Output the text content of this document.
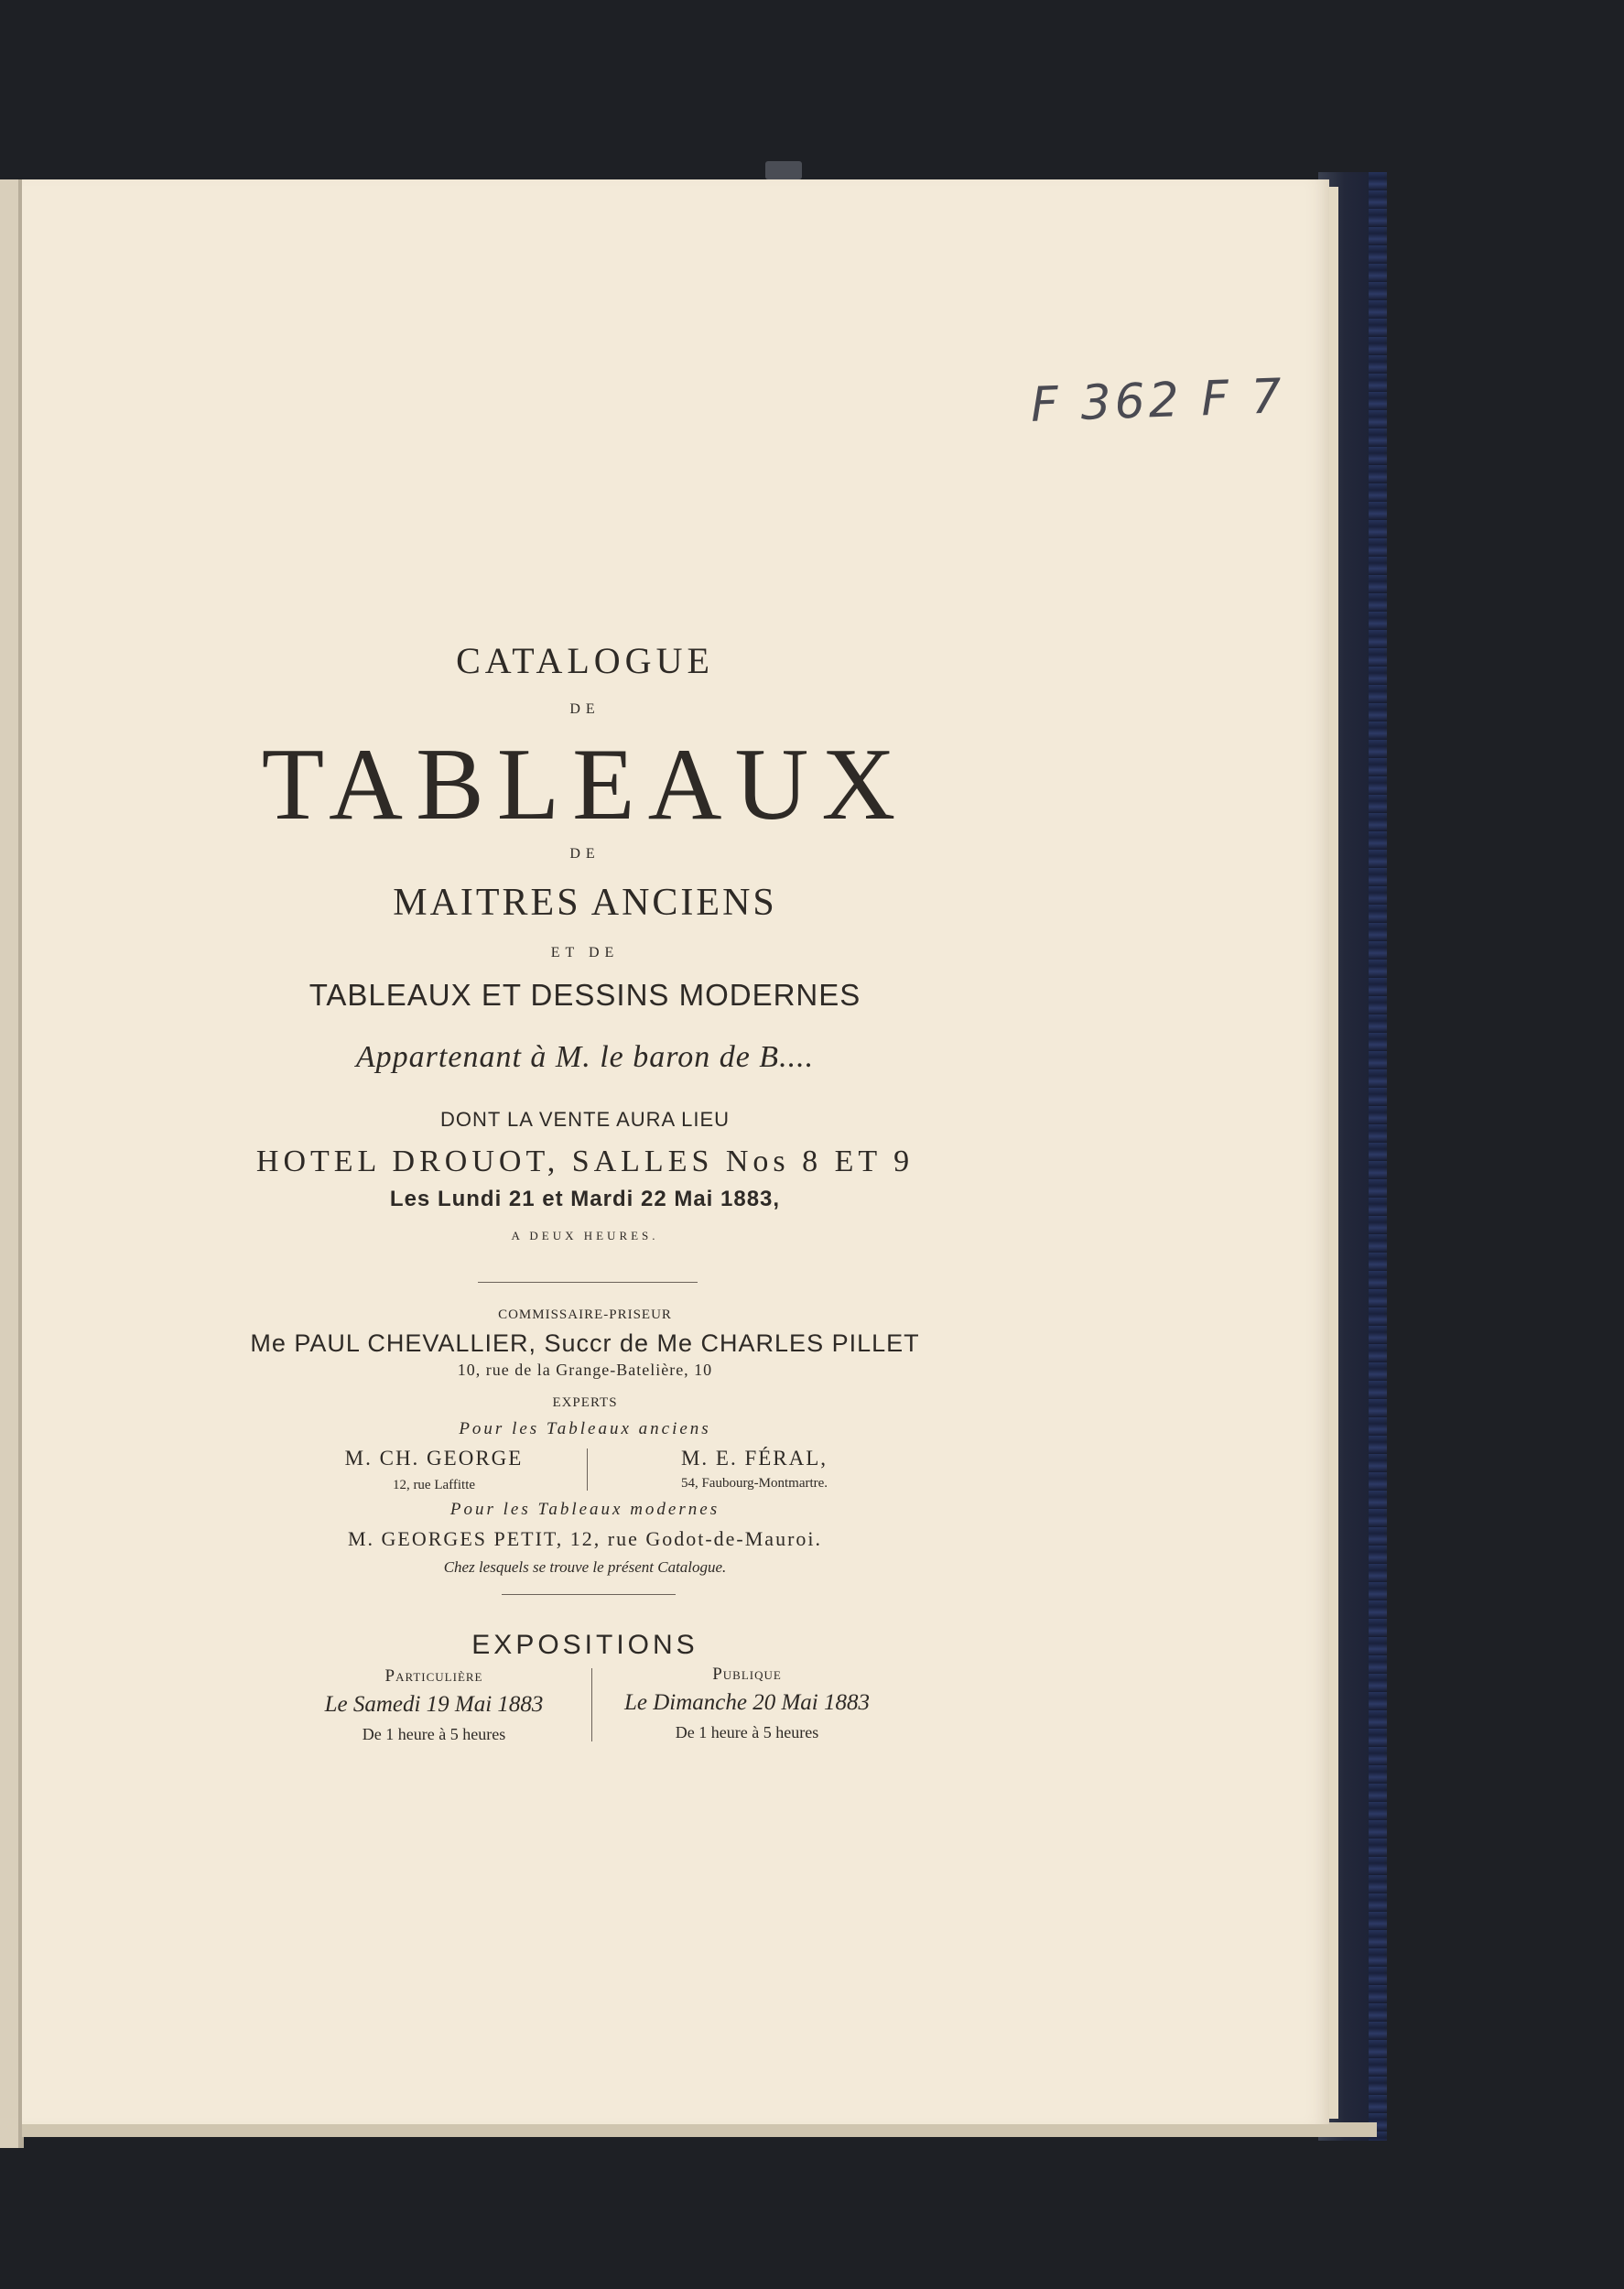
F 362 F 7
CATALOGUE
DE
TABLEAUX
DE
MAITRES ANCIENS
ET DE
TABLEAUX ET DESSINS MODERNES
Appartenant à M. le baron de B....
DONT LA VENTE AURA LIEU
HOTEL DROUOT, SALLES Nos 8 ET 9
Les Lundi 21 et Mardi 22 Mai 1883,
A DEUX HEURES.
COMMISSAIRE-PRISEUR
Me PAUL CHEVALLIER, Succr de Me CHARLES PILLET
10, rue de la Grange-Batelière, 10
EXPERTS
Pour les Tableaux anciens
M. CH. GEORGE
12, rue Laffitte
M. E. FÉRAL,
54, Faubourg-Montmartre.
Pour les Tableaux modernes
M. GEORGES PETIT, 12, rue Godot-de-Mauroi.
Chez lesquels se trouve le présent Catalogue.
EXPOSITIONS
Particulière
Le Samedi 19 Mai 1883
De 1 heure à 5 heures
Publique
Le Dimanche 20 Mai 1883
De 1 heure à 5 heures
